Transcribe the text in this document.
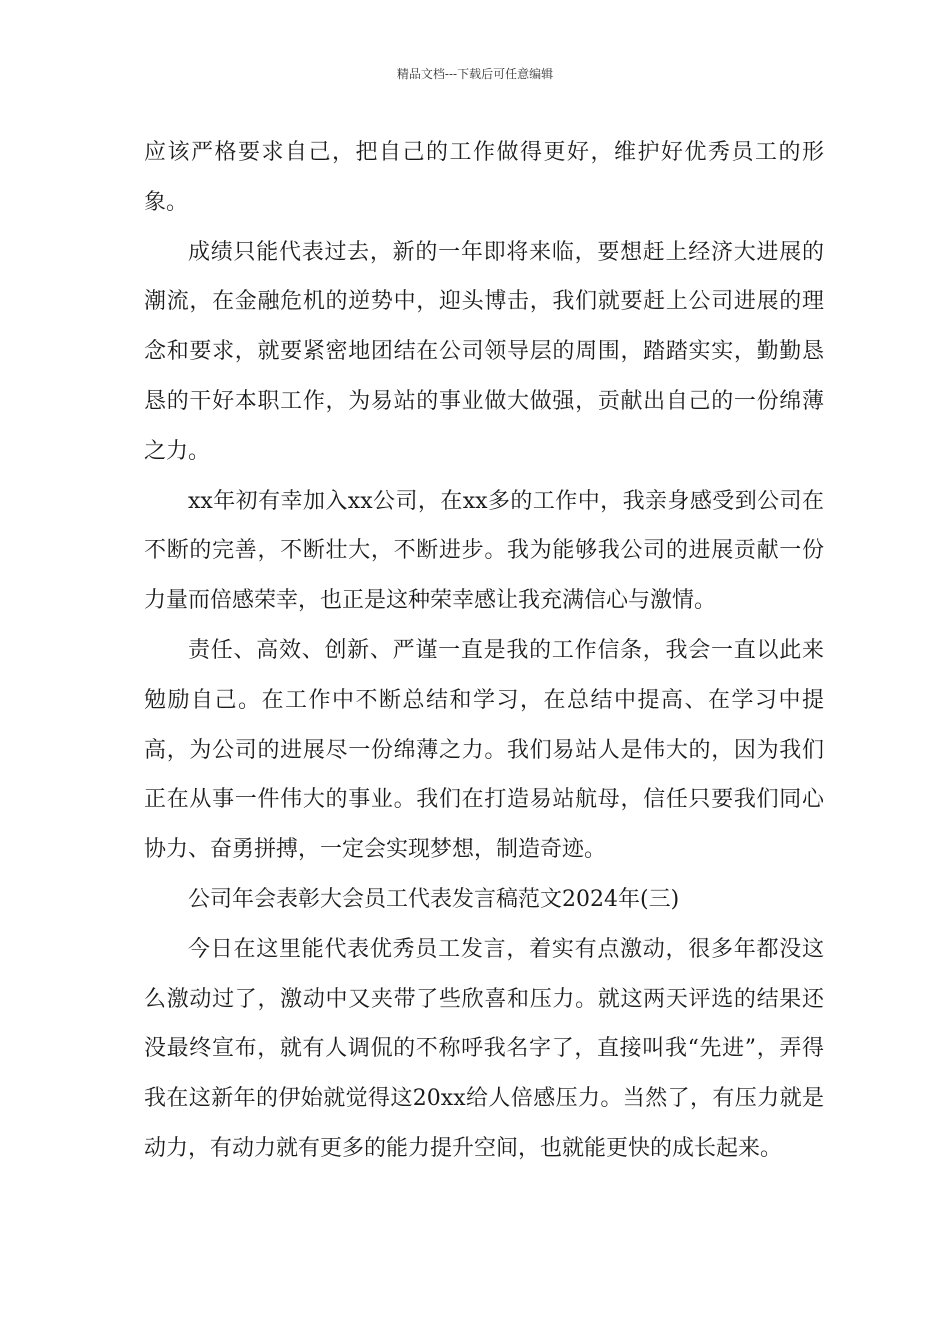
精品文档---下载后可任意编辑

应该严格要求自己，把自己的工作做得更好，维护好优秀员工的形象。

成绩只能代表过去，新的一年即将来临，要想赶上经济大进展的潮流，在金融危机的逆势中，迎头博击，我们就要赶上公司进展的理念和要求，就要紧密地团结在公司领导层的周围，踏踏实实，勤勤恳恳的干好本职工作，为易站的事业做大做强，贡献出自己的一份绵薄之力。

xx年初有幸加入xx公司，在xx多的工作中，我亲身感受到公司在不断的完善，不断壮大，不断进步。我为能够我公司的进展贡献一份力量而倍感荣幸，也正是这种荣幸感让我充满信心与激情。

责任、高效、创新、严谨一直是我的工作信条，我会一直以此来勉励自己。在工作中不断总结和学习，在总结中提高、在学习中提高，为公司的进展尽一份绵薄之力。我们易站人是伟大的，因为我们正在从事一件伟大的事业。我们在打造易站航母，信任只要我们同心协力、奋勇拼搏，一定会实现梦想，制造奇迹。

公司年会表彰大会员工代表发言稿范文2024年(三)

今日在这里能代表优秀员工发言，着实有点激动，很多年都没这么激动过了，激动中又夹带了些欣喜和压力。就这两天评选的结果还没最终宣布，就有人调侃的不称呼我名字了，直接叫我“先进”，弄得我在这新年的伊始就觉得这20xx给人倍感压力。当然了，有压力就是动力，有动力就有更多的能力提升空间，也就能更快的成长起来。
